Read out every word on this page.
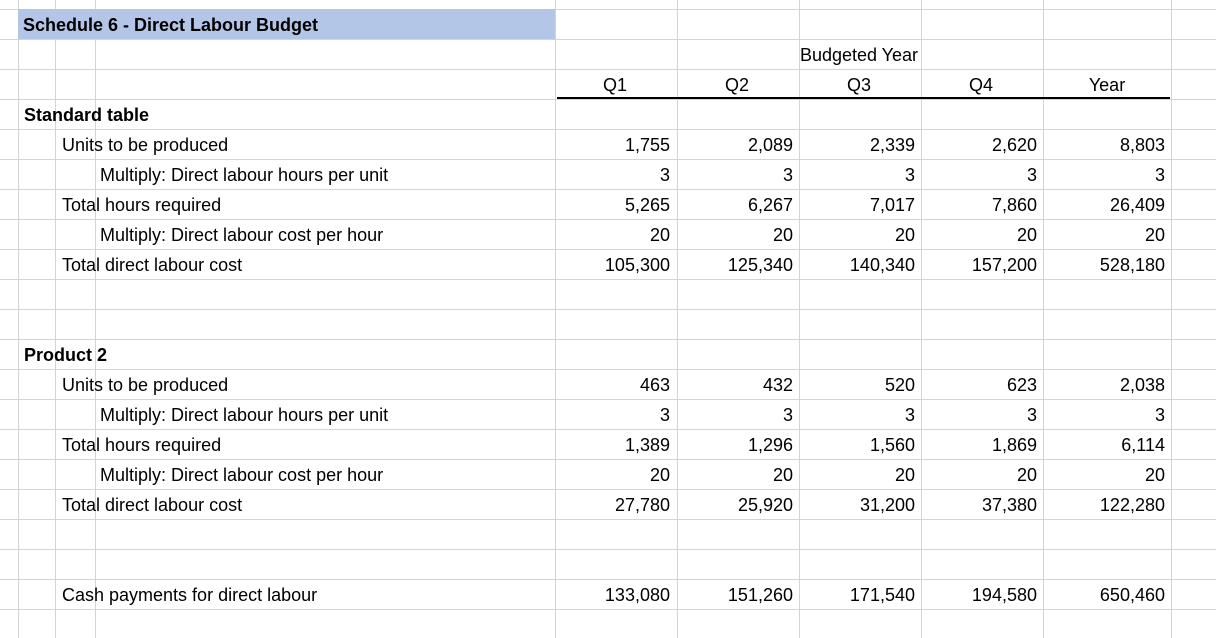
Schedule 6 - Direct Labour Budget
Budgeted Year
Q1	Q2	Q3	Q4	Year
Standard table
Units to be produced	1,755	2,089	2,339	2,620	8,803
Multiply: Direct labour hours per unit	3	3	3	3	3
Total hours required	5,265	6,267	7,017	7,860	26,409
Multiply: Direct labour cost per hour	20	20	20	20	20
Total direct labour cost	105,300	125,340	140,340	157,200	528,180
Product 2
Units to be produced	463	432	520	623	2,038
Multiply: Direct labour hours per unit	3	3	3	3	3
Total hours required	1,389	1,296	1,560	1,869	6,114
Multiply: Direct labour cost per hour	20	20	20	20	20
Total direct labour cost	27,780	25,920	31,200	37,380	122,280
Cash payments for direct labour	133,080	151,260	171,540	194,580	650,460
